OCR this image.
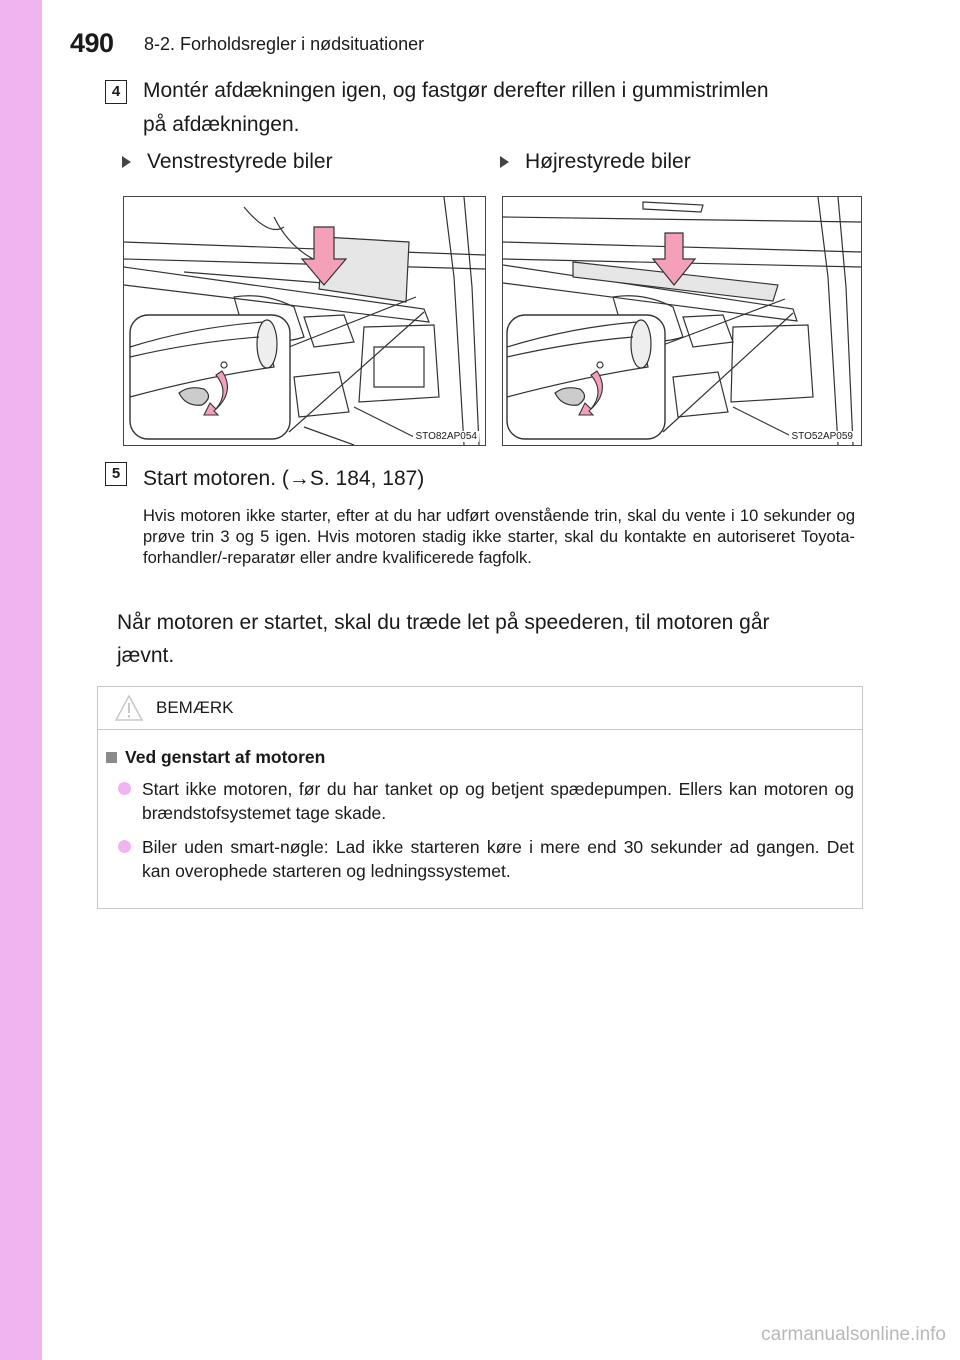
490 8-2. Forholdsregler i nødsituationer
4	Montér afdækningen igen, og fastgør derefter rillen i gummistrimlen
på afdækningen.
Venstrestyrede biler	Højrestyrede biler
STO82AP054	STO52AP059
5	Start motoren. (→S. 184, 187)
Hvis motoren ikke starter, efter at du har udført ovenstående trin, skal du vente i 10 sekunder og prøve trin 3 og 5 igen. Hvis motoren stadig ikke starter, skal du kontakte en autoriseret Toyota-forhandler/-reparatør eller andre kvalificerede fagfolk.
Når motoren er startet, skal du træde let på speederen, til motoren går
jævnt.
BEMÆRK
Ved genstart af motoren
Start ikke motoren, før du har tanket op og betjent spædepumpen. Ellers kan motoren og brændstofsystemet tage skade.
Biler uden smart-nøgle: Lad ikke starteren køre i mere end 30 sekunder ad gangen. Det kan overophede starteren og ledningssystemet.
carmanualsonline.info
